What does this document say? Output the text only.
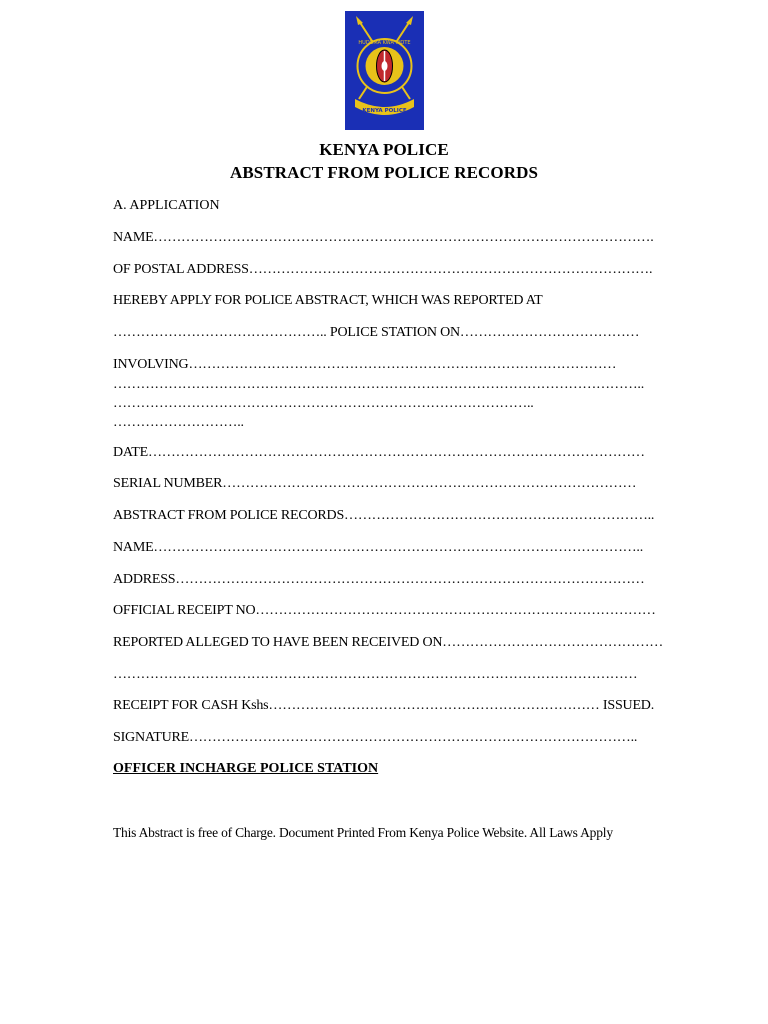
HUDUMA KWA WOTE
KENYA POLICE
KENYA POLICE
ABSTRACT FROM POLICE RECORDS
A. APPLICATION
NAME……………………………………………………………………………………………….
OF POSTAL ADDRESS…………………………………………………………………………….
HEREBY APPLY FOR POLICE ABSTRACT, WHICH WAS REPORTED AT
……………………………………….. POLICE STATION ON…………………………………
INVOLVING…………………………………………………………………………………
……………………………………………………………………………………………………..
………………………………………………………………………………..
………………………..
DATE………………………………………………………………………………………………
SERIAL NUMBER………………………………………………………………………………
ABSTRACT FROM POLICE RECORDS…………………………………………………………..
NAME……………………………………………………………………………………………..
ADDRESS…………………………………………………………………………………………
OFFICIAL RECEIPT NO……………………………………………………………………………
REPORTED ALLEGED TO HAVE BEEN RECEIVED ON…………………………………………
……………………………………………………………………………………………………
RECEIPT FOR CASH Kshs……………………………………………………………… ISSUED.
SIGNATURE……………………………………………………………………………………..
OFFICER INCHARGE POLICE STATION
This Abstract is free of Charge. Document Printed From Kenya Police Website. All Laws Apply
